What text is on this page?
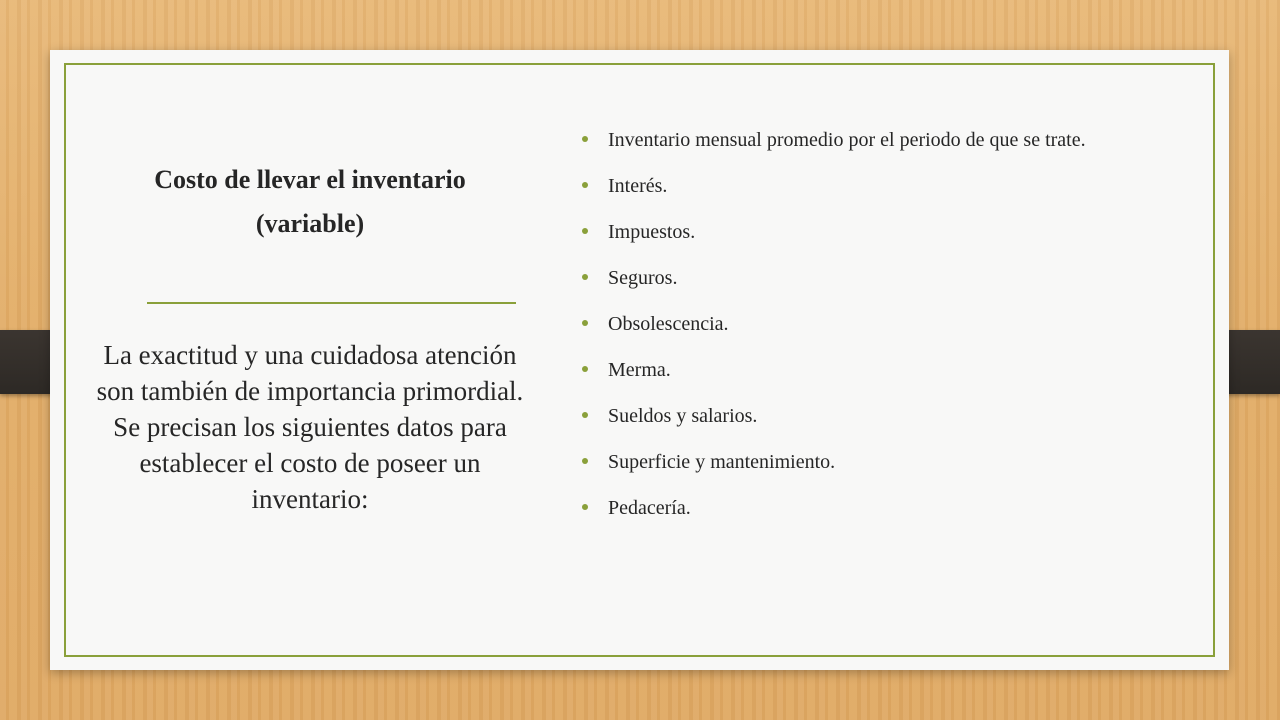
Costo de llevar el inventario (variable)

La exactitud y una cuidadosa atención son también de importancia primordial. Se precisan los siguientes datos para establecer el costo de poseer un inventario:

Inventario mensual promedio por el periodo de que se trate.
Interés.
Impuestos.
Seguros.
Obsolescencia.
Merma.
Sueldos y salarios.
Superficie y mantenimiento.
Pedacería.
